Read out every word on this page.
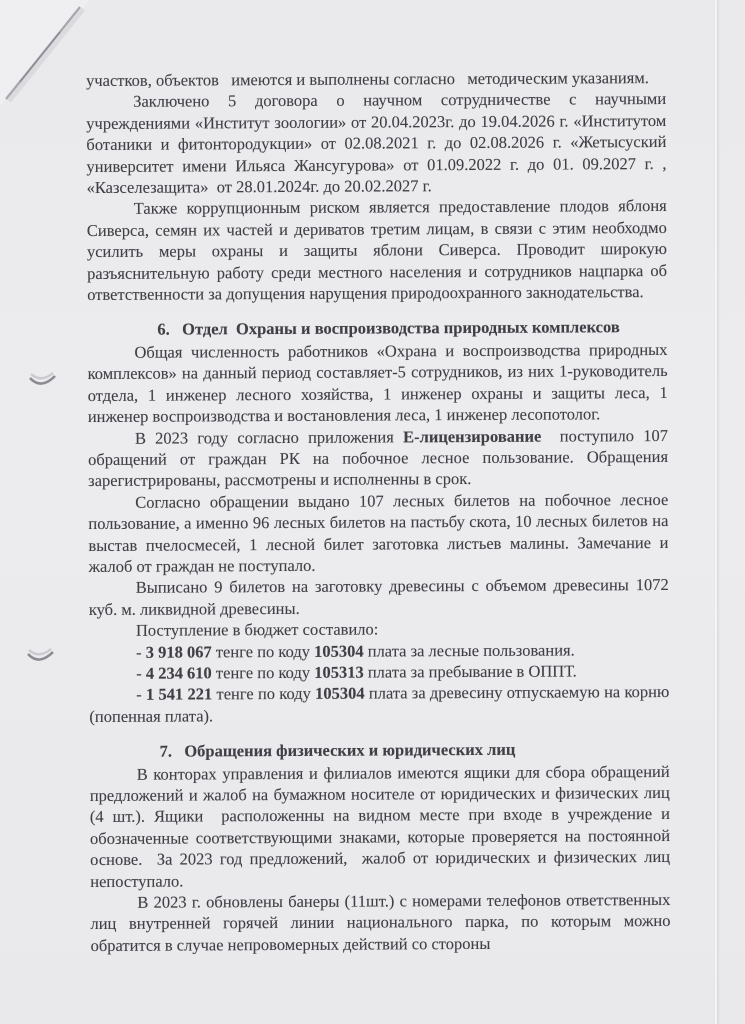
участков, объектов   имеются и выполнены согласно   методическим указаниям.

Заключено 5 договора о научном сотрудничестве с научными учреждениями «Институт зоологии» от 20.04.2023г. до 19.04.2026 г. «Институтом ботаники и фитонтородукции» от 02.08.2021 г. до 02.08.2026 г. «Жетысуский университет имени Ильяса Жансугурова» от 01.09.2022 г. до 01. 09.2027 г. , «Казселезащита»  от 28.01.2024г. до 20.02.2027 г.

Также коррупционным риском является предоставление плодов яблоня Сиверса, семян их частей и дериватов третим лицам, в связи с этим необходмо усилить меры охраны и защиты яблони Сиверса. Проводит широкую разъяснительную работу среди местного населения и сотрудников нацпарка об ответственности за допущения нарущения природоохранного закнодательства.

6.   Отдел  Охраны и воспроизводства природных комплексов

Общая численность работников «Охрана и воспроизводства природных комплексов» на данный период составляет-5 сотрудников, из них 1-руководитель отдела, 1 инженер лесного хозяйства, 1 инженер охраны и защиты леса, 1 инженер воспроизводства и востановления леса, 1 инженер лесопотолог.

В 2023 году согласно приложения Е-лицензирование  поступило 107 обращений от граждан РК на побочное лесное пользование. Обращения зарегистрированы, рассмотрены и исполненны в срок.

Согласно обращении выдано 107 лесных билетов на побочное лесное пользование, а именно 96 лесных билетов на пастьбу скота, 10 лесных билетов на выстав пчелосмесей, 1 лесной билет заготовка листьев малины. Замечание и жалоб от граждан не поступало.

Выписано 9 билетов на заготовку древесины с объемом древесины 1072 куб. м. ликвидной древесины.

Поступление в бюджет составило:

- 3 918 067 тенге по коду 105304 плата за лесные пользования.

- 4 234 610 тенге по коду 105313 плата за пребывание в ОППТ.

- 1 541 221 тенге по коду 105304 плата за древесину отпускаемую на корню (попенная плата).

7.   Обращения физических и юридических лиц

В конторах управления и филиалов имеются ящики для сбора обращений предложений и жалоб на бумажном носителе от юридических и физических лиц (4 шт.). Ящики  расположенны на видном месте при входе в учреждение и обозначенные соответствующими знаками, которые проверяется на постоянной основе.  За 2023 год предложений,  жалоб от юридических и физических лиц непоступало.

В 2023 г. обновлены банеры (11шт.) с номерами телефонов ответственных лиц внутренней горячей линии национального парка, по которым можно обратится в случае непровомерных действий со стороны
